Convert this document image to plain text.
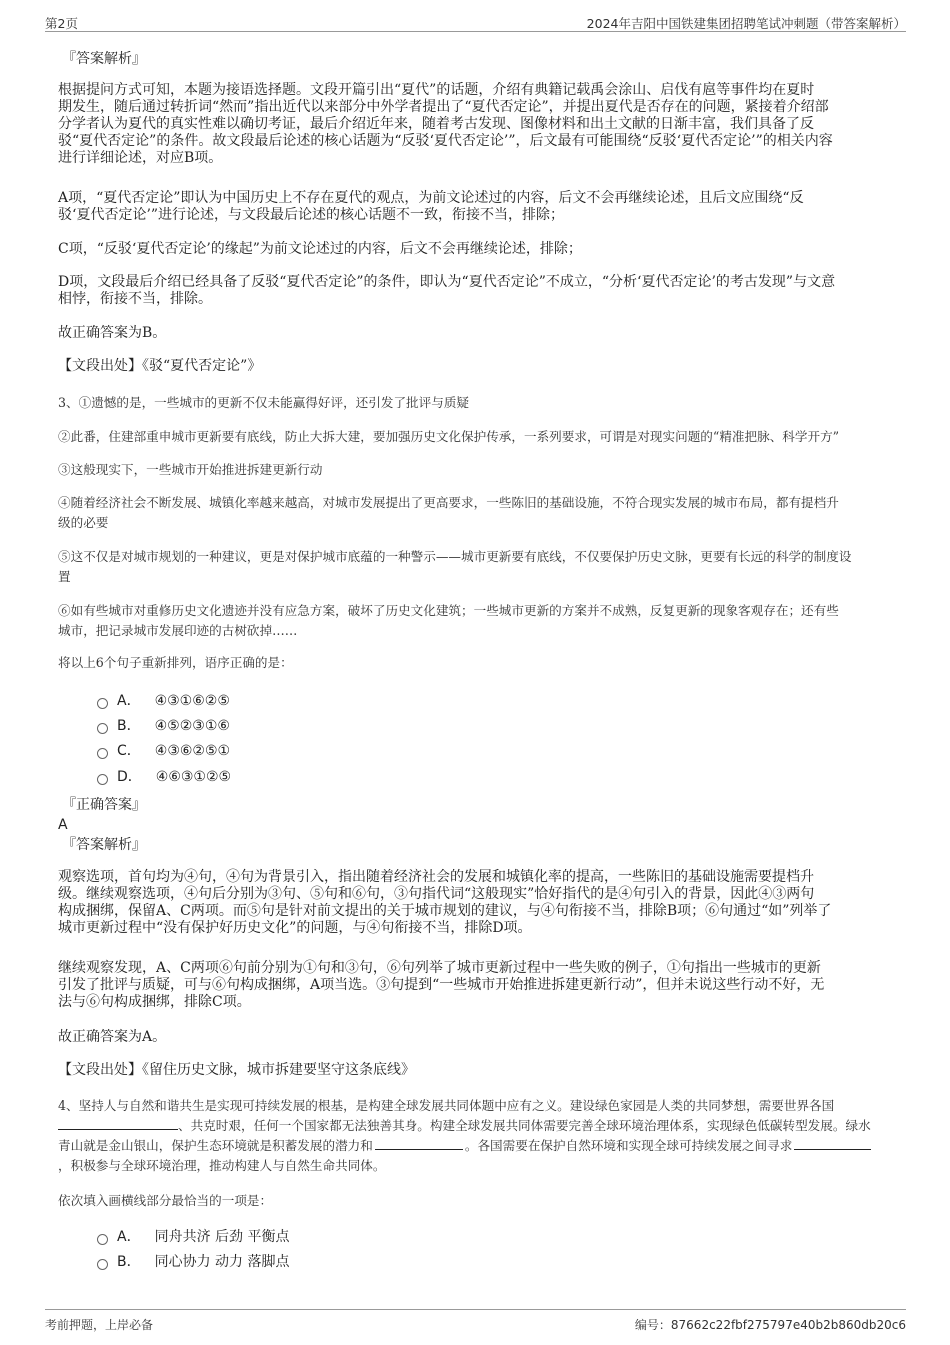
第2页	2024年吉阳中国铁建集团招聘笔试冲刺题（带答案解析）
『答案解析』
根据提问方式可知，本题为接语选择题。文段开篇引出“夏代”的话题，介绍有典籍记载禹会涂山、启伐有扈等事件均在夏时
期发生，随后通过转折词“然而”指出近代以来部分中外学者提出了“夏代否定论”，并提出夏代是否存在的问题，紧接着介绍部
分学者认为夏代的真实性难以确切考证，最后介绍近年来，随着考古发现、图像材料和出土文献的日渐丰富，我们具备了反
驳“夏代否定论”的条件。故文段最后论述的核心话题为“反驳‘夏代否定论’”，后文最有可能围绕“反驳‘夏代否定论’”的相关内容
进行详细论述，对应B项。
A项，“夏代否定论”即认为中国历史上不存在夏代的观点，为前文论述过的内容，后文不会再继续论述，且后文应围绕“反
驳‘夏代否定论’”进行论述，与文段最后论述的核心话题不一致，衔接不当，排除；
C项，“反驳‘夏代否定论’的缘起”为前文论述过的内容，后文不会再继续论述，排除；
D项，文段最后介绍已经具备了反驳“夏代否定论”的条件，即认为“夏代否定论”不成立，“分析‘夏代否定论’的考古发现”与文意
相悖，衔接不当，排除。
故正确答案为B。
【文段出处】《驳“夏代否定论”》
3、①遗憾的是，一些城市的更新不仅未能赢得好评，还引发了批评与质疑
②此番，住建部重申城市更新要有底线，防止大拆大建，要加强历史文化保护传承，一系列要求，可谓是对现实问题的“精准把脉、科学开方”
③这般现实下，一些城市开始推进拆建更新行动
④随着经济社会不断发展、城镇化率越来越高，对城市发展提出了更高要求，一些陈旧的基础设施，不符合现实发展的城市布局，都有提档升
级的必要
⑤这不仅是对城市规划的一种建议，更是对保护城市底蕴的一种警示——城市更新要有底线，不仅要保护历史文脉，更要有长远的科学的制度设
置
⑥如有些城市对重修历史文化遗迹并没有应急方案，破坏了历史文化建筑；一些城市更新的方案并不成熟，反复更新的现象客观存在；还有些
城市，把记录城市发展印迹的古树砍掉……
将以上6个句子重新排列，语序正确的是：
A． ④③①⑥②⑤
B． ④⑤②③①⑥
C． ④③⑥②⑤①
D． ④⑥③①②⑤
『正确答案』
A
『答案解析』
观察选项，首句均为④句，④句为背景引入，指出随着经济社会的发展和城镇化率的提高，一些陈旧的基础设施需要提档升
级。继续观察选项，④句后分别为③句、⑤句和⑥句，③句指代词“这般现实”恰好指代的是④句引入的背景，因此④③两句
构成捆绑，保留A、C两项。而⑤句是针对前文提出的关于城市规划的建议，与④句衔接不当，排除B项；⑥句通过“如”列举了
城市更新过程中“没有保护好历史文化”的问题，与④句衔接不当，排除D项。
继续观察发现，A、C两项⑥句前分别为①句和③句，⑥句列举了城市更新过程中一些失败的例子，①句指出一些城市的更新
引发了批评与质疑，可与⑥句构成捆绑，A项当选。③句提到“一些城市开始推进拆建更新行动”，但并未说这些行动不好，无
法与⑥句构成捆绑，排除C项。
故正确答案为A。
【文段出处】《留住历史文脉，城市拆建要坚守这条底线》
4、坚持人与自然和谐共生是实现可持续发展的根基，是构建全球发展共同体题中应有之义。建设绿色家园是人类的共同梦想，需要世界各国
、共克时艰，任何一个国家都无法独善其身。构建全球发展共同体需要完善全球环境治理体系，实现绿色低碳转型发展。绿水
青山就是金山银山，保护生态环境就是积蓄发展的潜力和	。各国需要在保护自然环境和实现全球可持续发展之间寻求
，积极参与全球环境治理，推动构建人与自然生命共同体。
依次填入画横线部分最恰当的一项是：
A． 同舟共济 后劲 平衡点
B． 同心协力 动力 落脚点
考前押题，上岸必备	编号：87662c22fbf275797e40b2b860db20c6
